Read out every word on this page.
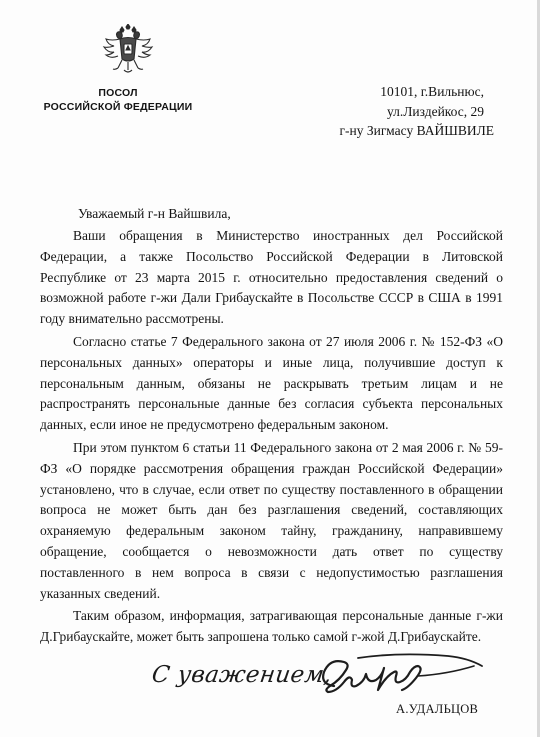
ПОСОЛ
РОССИЙСКОЙ ФЕДЕРАЦИИ
10101, г.Вильнюс,
ул.Лиздейкос, 29
г-ну Зигмасу ВАЙШВИЛЕ
Уважаемый г-н Вайшвила,

Ваши обращения в Министерство иностранных дел Российской Федерации, а также Посольство Российской Федерации в Литовской Республике от 23 марта 2015 г. относительно предоставления сведений о возможной работе г-жи Дали Грибаускайте в Посольстве СССР в США в 1991 году внимательно рассмотрены.

Согласно статье 7 Федерального закона от 27 июля 2006 г. № 152-ФЗ «О персональных данных» операторы и иные лица, получившие доступ к персональным данным, обязаны не раскрывать третьим лицам и не распространять персональные данные без согласия субъекта персональных данных, если иное не предусмотрено федеральным законом.

При этом пунктом 6 статьи 11 Федерального закона от 2 мая 2006 г. № 59-ФЗ «О порядке рассмотрения обращения граждан Российской Федерации» установлено, что в случае, если ответ по существу поставленного в обращении вопроса не может быть дан без разглашения сведений, составляющих охраняемую федеральным законом тайну, гражданину, направившему обращение, сообщается о невозможности дать ответ по существу поставленного в нем вопроса в связи с недопустимостью разглашения указанных сведений.

Таким образом, информация, затрагивающая персональные данные г-жи Д.Грибаускайте, может быть запрошена только самой г-жой Д.Грибаускайте.

С уважением,
А.УДАЛЬЦОВ
